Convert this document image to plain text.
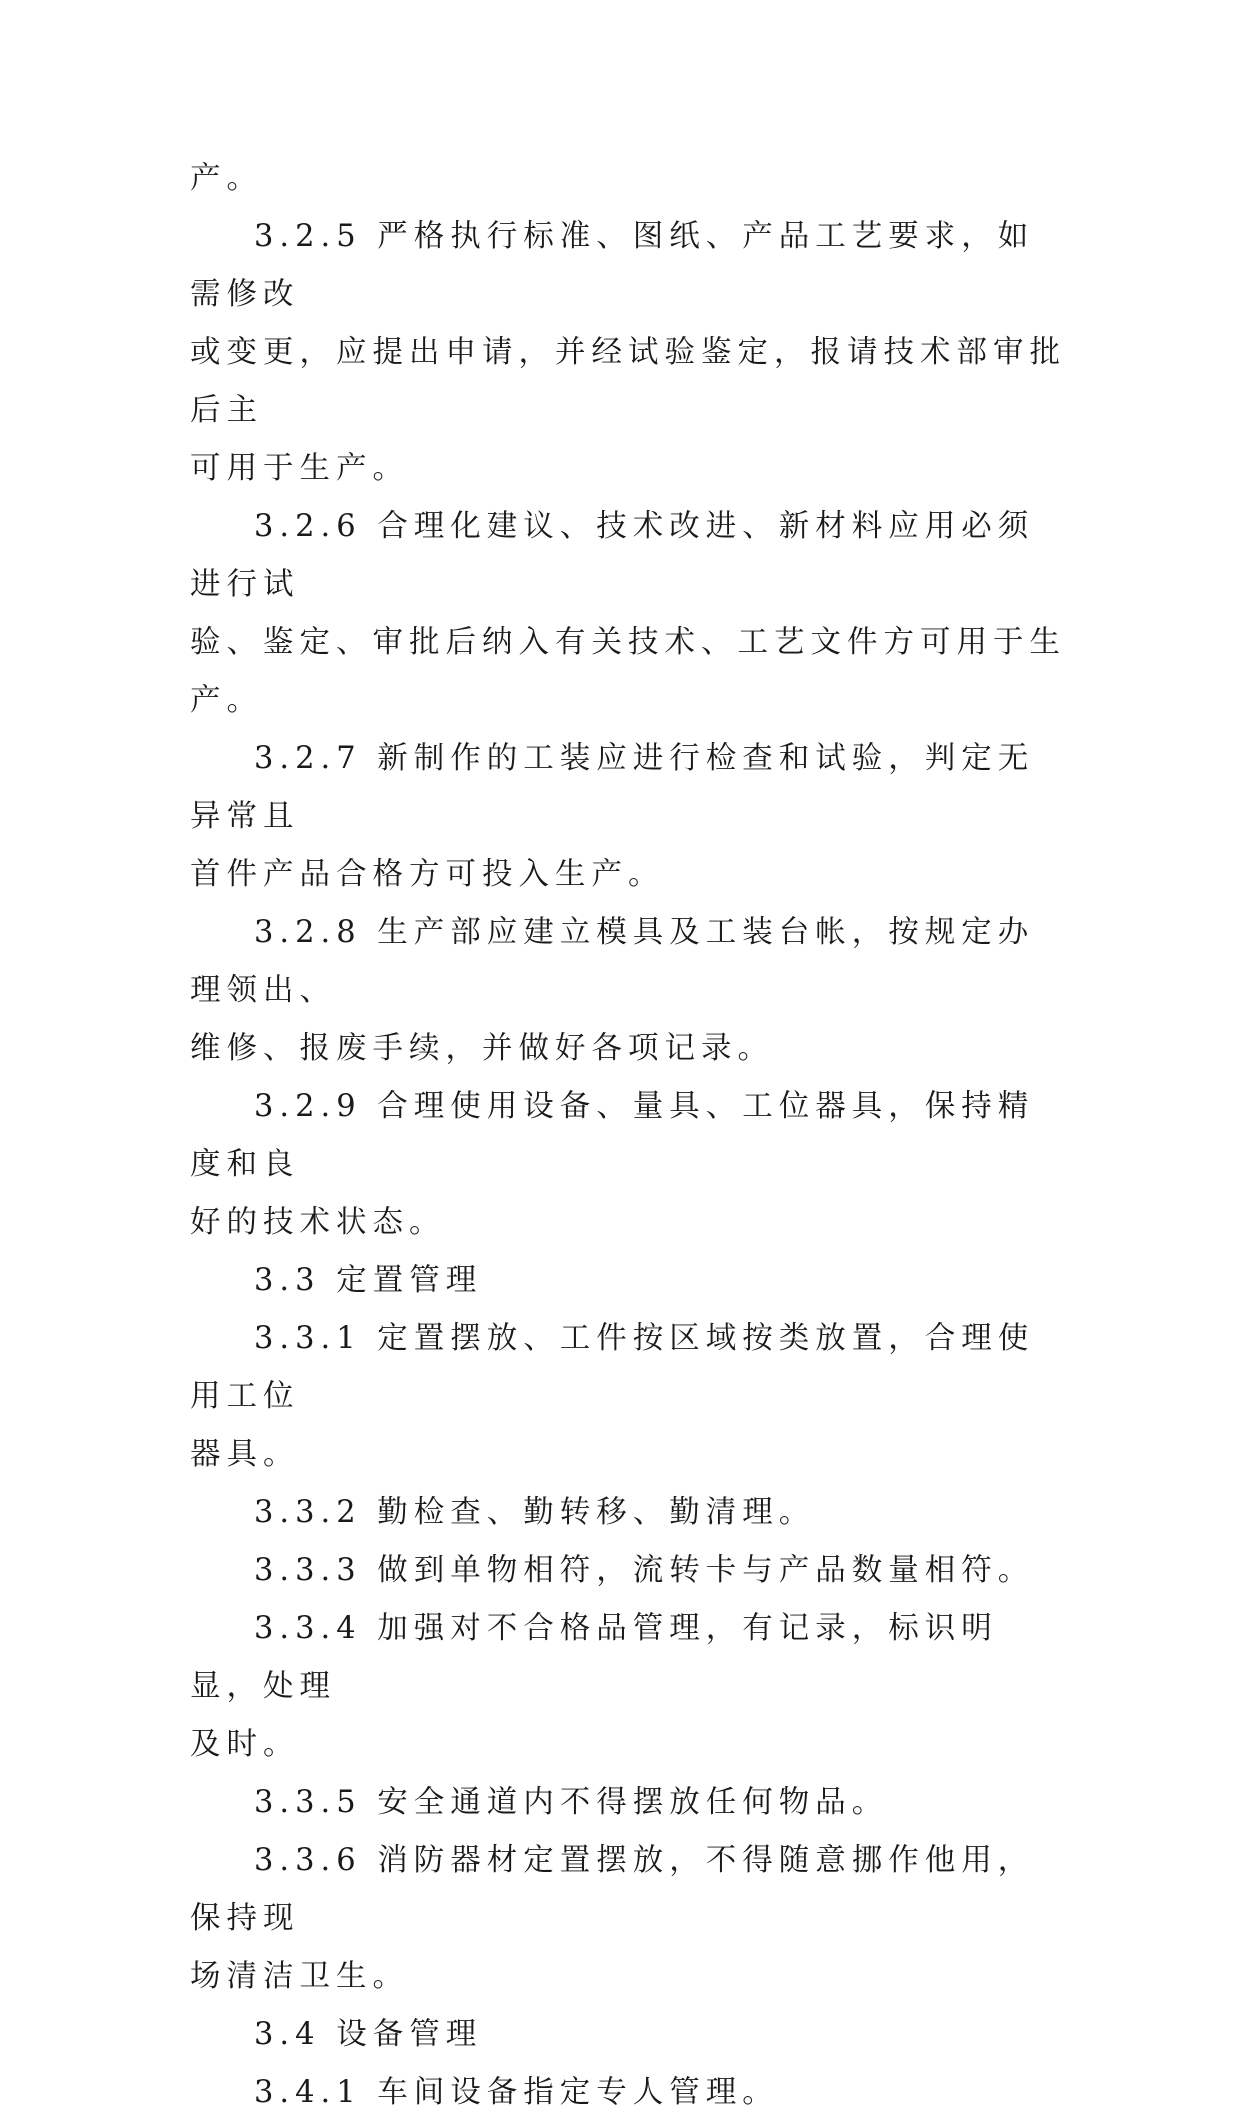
产。
3.2.5 严格执行标准、图纸、产品工艺要求，如需修改
或变更，应提出申请，并经试验鉴定，报请技术部审批后主
可用于生产。
3.2.6 合理化建议、技术改进、新材料应用必须进行试
验、鉴定、审批后纳入有关技术、工艺文件方可用于生产。
3.2.7 新制作的工装应进行检查和试验，判定无异常且
首件产品合格方可投入生产。
3.2.8 生产部应建立模具及工装台帐，按规定办理领出、
维修、报废手续，并做好各项记录。
3.2.9 合理使用设备、量具、工位器具，保持精度和良
好的技术状态。
3.3 定置管理
3.3.1 定置摆放、工件按区域按类放置，合理使用工位
器具。
3.3.2 勤检查、勤转移、勤清理。
3.3.3 做到单物相符，流转卡与产品数量相符。
3.3.4 加强对不合格品管理，有记录，标识明显，处理
及时。
3.3.5 安全通道内不得摆放任何物品。
3.3.6 消防器材定置摆放，不得随意挪作他用，保持现
场清洁卫生。
3.4 设备管理
3.4.1 车间设备指定专人管理。
